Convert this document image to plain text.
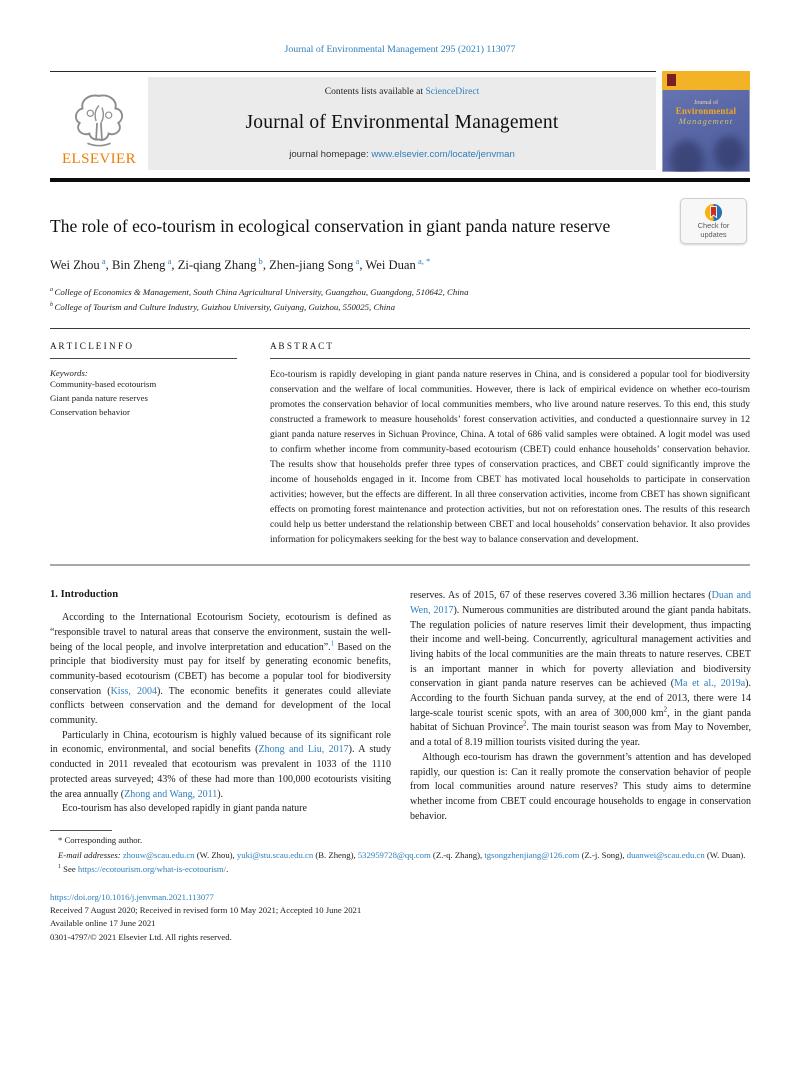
Journal of Environmental Management 295 (2021) 113077
ELSEVIER
Contents lists available at ScienceDirect
Journal of Environmental Management
journal homepage: www.elsevier.com/locate/jenvman
Journal of
Environmental
Management
The role of eco-tourism in ecological conservation in giant panda nature reserve
Wei Zhou $^a$, Bin Zheng $^a$, Zi-qiang Zhang $^b$, Zhen-jiang Song $^a$, Wei Duan $^{a, *}$
$^a$ College of Economics & Management, South China Agricultural University, Guangzhou, Guangdong, 510642, China
$^b$ College of Tourism and Culture Industry, Guizhou University, Guiyang, Guizhou, 550025, China
A R T I C L E I N F O
Keywords:
Community-based ecotourism
Giant panda nature reserves
Conservation behavior
A B S T R A C T
Eco-tourism is rapidly developing in giant panda nature reserves in China, and is considered a popular tool for biodiversity conservation and the welfare of local communities. However, there is lack of empirical evidence on whether eco-tourism promotes the conservation behavior of local communities members, who live around nature reserves. To this end, this study constructed a framework to measure households’ forest conservation activities, and conducted a questionnaire survey in 12 giant panda nature reserves in Sichuan Province, China. A total of 686 valid samples were obtained. A logit model was used to confirm whether income from community-based ecotourism (CBET) could enhance households’ conservation behavior. The results show that households prefer three types of conservation practices, and CBET could significantly improve the income of households engaged in it. Income from CBET has motivated local households to participate in conservation activities; however, but the effects are different. In all three conservation activities, income from CBET has shown significant effects on promoting forest maintenance and protection activities, but not on reforestation ones. The results of this research could help us better understand the relationship between CBET and local households’ conservation behavior. It also provides information for policymakers seeking for the best way to balance conservation and development.
1. Introduction

According to the International Ecotourism Society, ecotourism is defined as “responsible travel to natural areas that conserve the environment, sustain the well-being of the local people, and involve interpretation and education”.$^1$ Based on the principle that biodiversity must pay for itself by generating economic benefits, community-based ecotourism (CBET) has become a popular tool for biodiversity conservation (Kiss, 2004). The economic benefits it generates could alleviate conflicts between conservation and the demand for development of the local community.

Particularly in China, ecotourism is highly valued because of its significant role in economic, environmental, and social benefits (Zhong and Liu, 2017). A study conducted in 2011 revealed that ecotourism was prevalent in 1033 of the 1110 protected areas surveyed; 43% of these had more than 100,000 ecotourists visiting the area annually (Zhong and Wang, 2011).

Eco-tourism has also developed rapidly in giant panda nature

* Corresponding author.

reserves. As of 2015, 67 of these reserves covered 3.36 million hectares (Duan and Wen, 2017). Numerous communities are distributed around the giant panda habitats. The regulation policies of nature reserves limit their development, thus impacting their income and well-being. Concurrently, agricultural management activities and living habits of the local communities are the main threats to nature reserves. CBET is an important manner in which for poverty alleviation and biodiversity conservation in giant panda nature reserves can be achieved (Ma et al., 2019a). According to the fourth Sichuan panda survey, at the end of 2013, there were 14 large-scale tourist scenic spots, with an area of 300,000 $km^2$, in the giant panda habitat of Sichuan Province$^2$. The main tourist season was from May to November, and a total of 8.19 million tourists visited during the year.

Although eco-tourism has drawn the government’s attention and has developed rapidly, our question is: Can it really promote the conservation behavior of people from local communities around nature reserves? This study aims to determine whether income from CBET could encourage households to engage in conservation behavior.

E-mail addresses: zhouw@scau.edu.cn (W. Zhou), yuki@stu.scau.edu.cn (B. Zheng), 532959728@qq.com (Z.-q. Zhang), tgsongzhenjiang@126.com (Z.-j. Song), duanwei@scau.edu.cn (W. Duan).
$^1$ See https://ecotourism.org/what-is-ecotourism/.
https://doi.org/10.1016/j.jenvman.2021.113077
Received 7 August 2020; Received in revised form 10 May 2021; Accepted 10 June 2021
Available online 17 June 2021
0301-4797/© 2021 Elsevier Ltd. All rights reserved.
Check for
updates
